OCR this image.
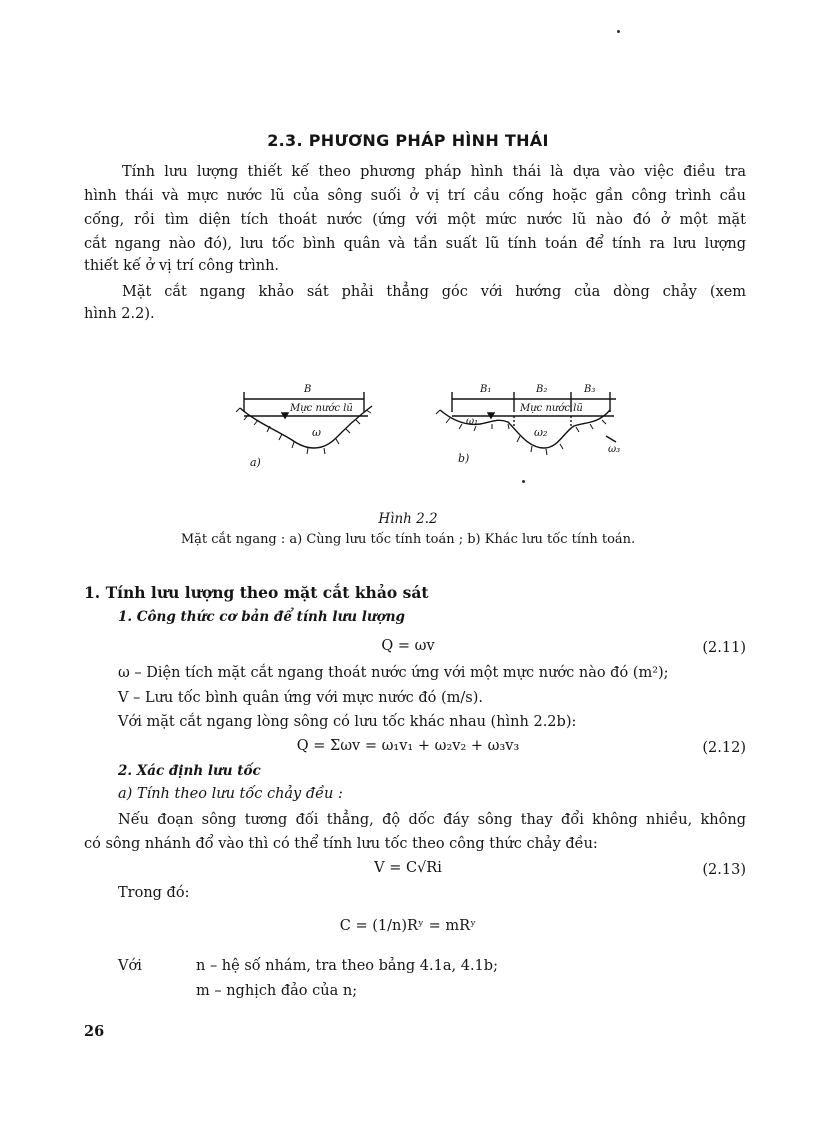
2.3. PHƯƠNG PHÁP HÌNH THÁI
Tính lưu lượng thiết kế theo phương pháp hình thái là dựa vào việc điều tra
hình thái và mực nước lũ của sông suối ở vị trí cầu cống hoặc gần công trình cầu
cống, rồi tìm diện tích thoát nước (ứng với một mức nước lũ nào đó ở một mặt
cắt ngang nào đó), lưu tốc bình quân và tần suất lũ tính toán để tính ra lưu lượng
thiết kế ở vị trí công trình.
Mặt cắt ngang khảo sát phải thẳng góc với hướng của dòng chảy (xem
hình 2.2).
B
Mực nước lũ
ω
a)
B₁	B₂	B₃
Mực nước lũ
ω₁
ω₂
ω₃
b)
Hình 2.2
Mặt cắt ngang : a) Cùng lưu tốc tính toán ; b) Khác lưu tốc tính toán.
1. Tính lưu lượng theo mặt cắt khảo sát
1. Công thức cơ bản để tính lưu lượng
Q = ωv	(2.11)
ω – Diện tích mặt cắt ngang thoát nước ứng với một mực nước nào đó (m²);
V – Lưu tốc bình quân ứng với mực nước đó (m/s).
Với mặt cắt ngang lòng sông có lưu tốc khác nhau (hình 2.2b):
Q = Σωv = ω₁v₁ + ω₂v₂ + ω₃v₃	(2.12)
2. Xác định lưu tốc
a) Tính theo lưu tốc chảy đều :
Nếu đoạn sông tương đối thẳng, độ dốc đáy sông thay đổi không nhiều, không
có sông nhánh đổ vào thì có thể tính lưu tốc theo công thức chảy đều:
V = C√Ri	(2.13)
Trong đó:
C = (1/n)Rʸ = mRʸ
Với	n – hệ số nhám, tra theo bảng 4.1a, 4.1b;
m – nghịch đảo của n;
26
